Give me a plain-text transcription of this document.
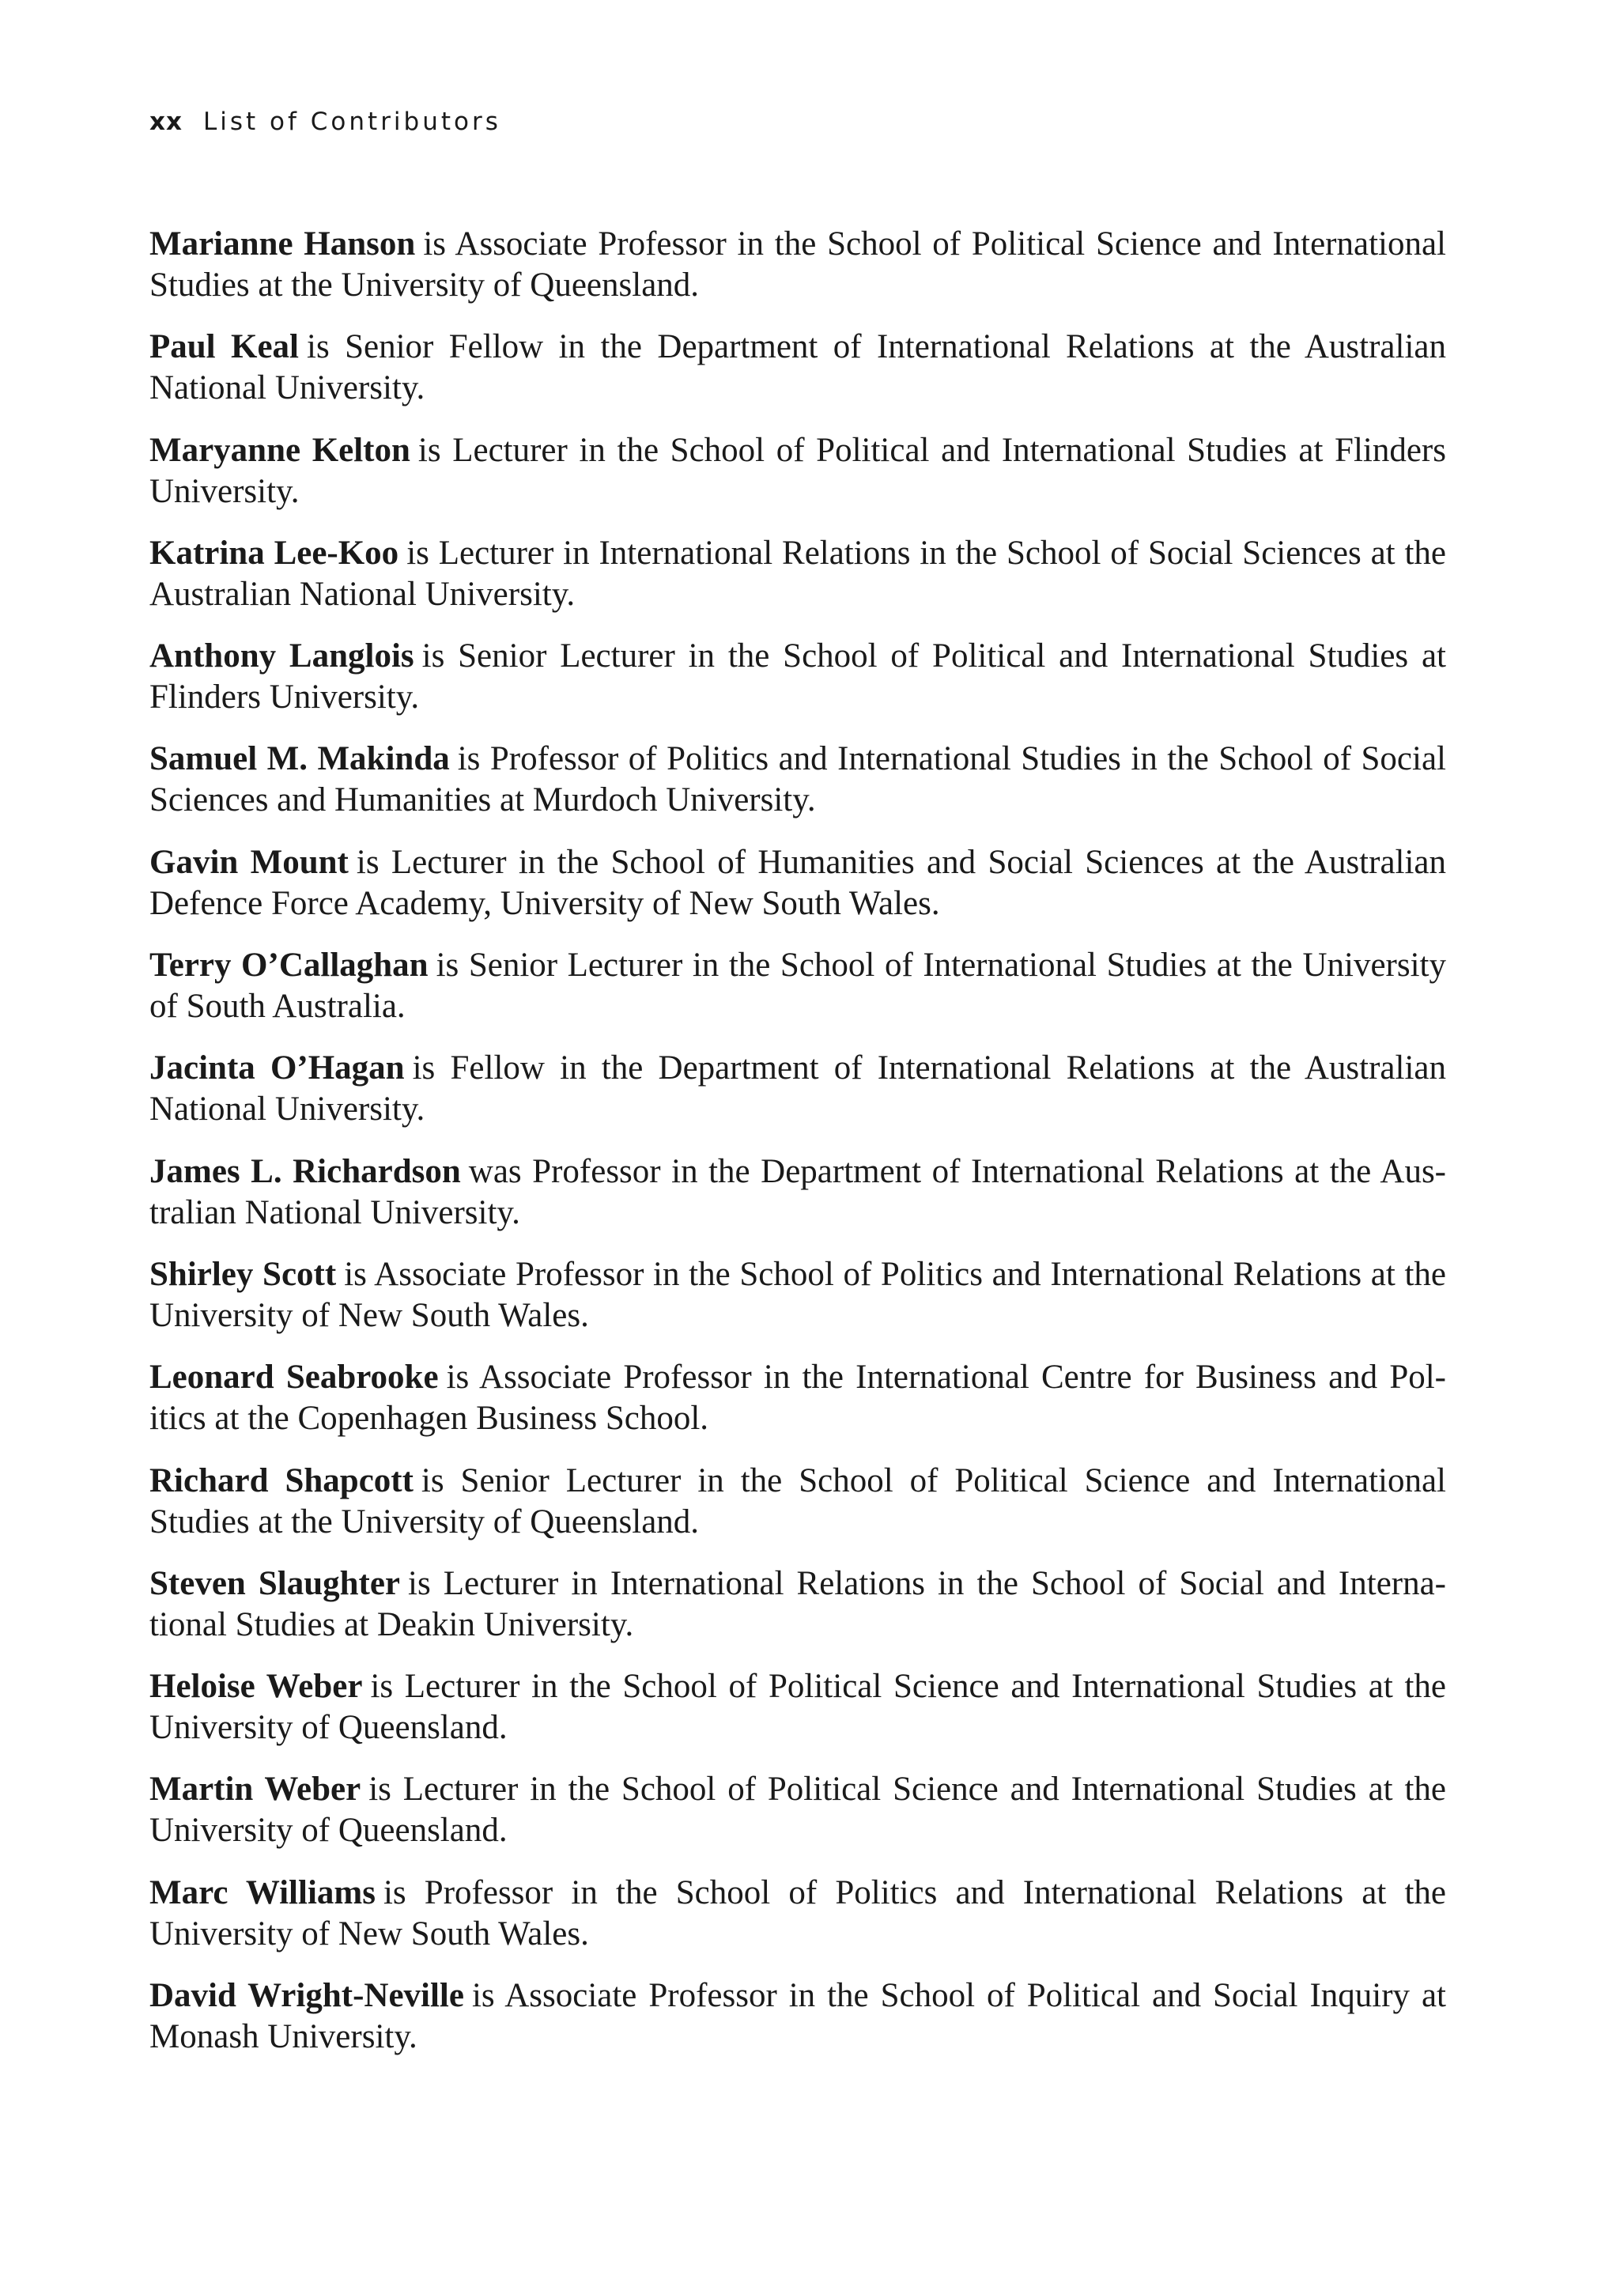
xx List of Contributors

Marianne Hanson is Associate Professor in the School of Political Science and International Studies at the University of Queensland.

Paul Keal is Senior Fellow in the Department of International Relations at the Australian National University.

Maryanne Kelton is Lecturer in the School of Political and International Studies at Flinders University.

Katrina Lee-Koo is Lecturer in International Relations in the School of Social Sciences at the Australian National University.

Anthony Langlois is Senior Lecturer in the School of Political and International Studies at Flinders University.

Samuel M. Makinda is Professor of Politics and International Studies in the School of Social Sciences and Humanities at Murdoch University.

Gavin Mount is Lecturer in the School of Humanities and Social Sciences at the Australian Defence Force Academy, University of New South Wales.

Terry O’Callaghan is Senior Lecturer in the School of International Studies at the University of South Australia.

Jacinta O’Hagan is Fellow in the Department of International Relations at the Australian National University.

James L. Richardson was Professor in the Department of International Relations at the Aus-tralian National University.

Shirley Scott is Associate Professor in the School of Politics and International Relations at the University of New South Wales.

Leonard Seabrooke is Associate Professor in the International Centre for Business and Pol-itics at the Copenhagen Business School.

Richard Shapcott is Senior Lecturer in the School of Political Science and International Studies at the University of Queensland.

Steven Slaughter is Lecturer in International Relations in the School of Social and Interna-tional Studies at Deakin University.

Heloise Weber is Lecturer in the School of Political Science and International Studies at the University of Queensland.

Martin Weber is Lecturer in the School of Political Science and International Studies at the University of Queensland.

Marc Williams is Professor in the School of Politics and International Relations at the University of New South Wales.

David Wright-Neville is Associate Professor in the School of Political and Social Inquiry at Monash University.
